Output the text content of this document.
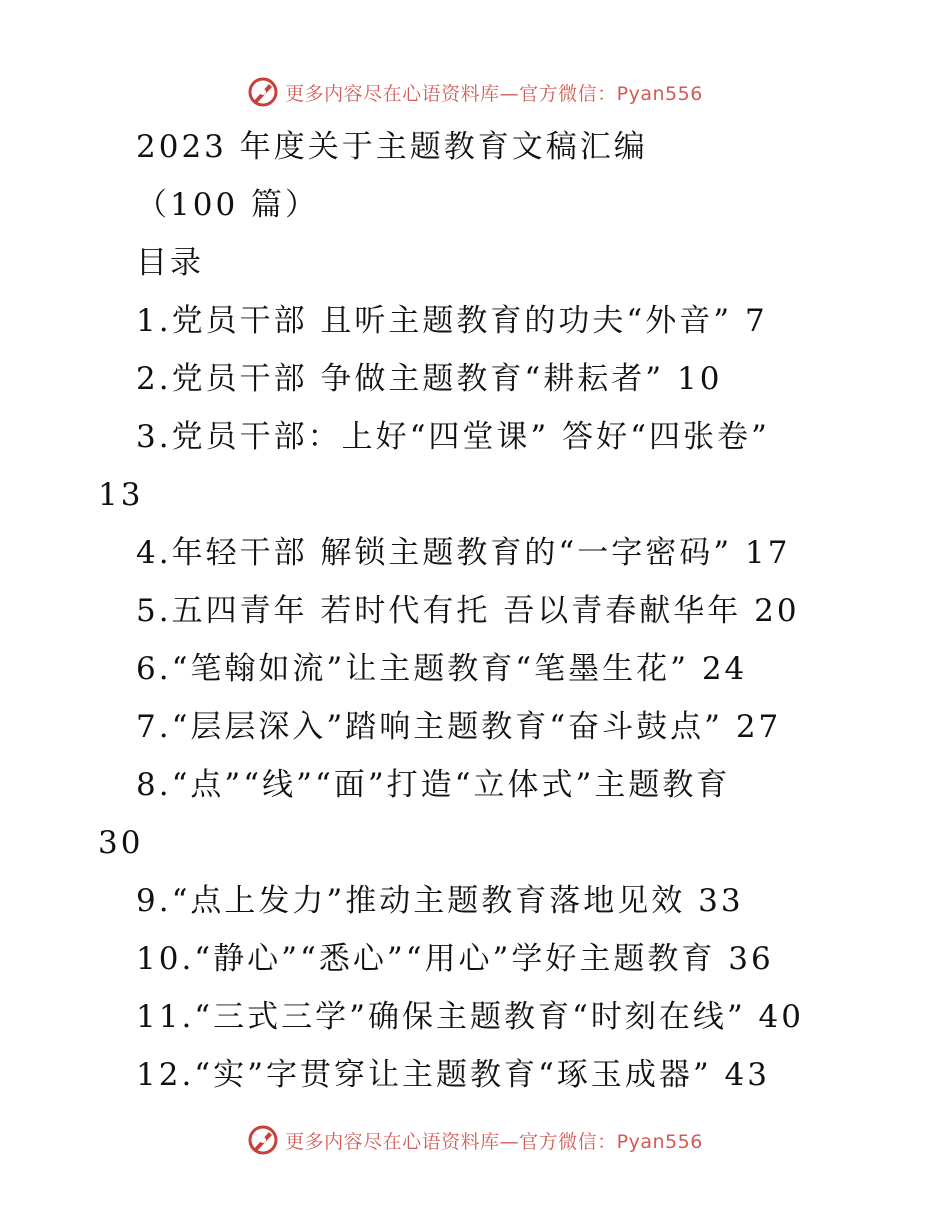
更多内容尽在心语资料库—官方微信：Pyan556
2023 年度关于主题教育文稿汇编
（100 篇）
目录
1.党员干部 且听主题教育的功夫“外音” 7
2.党员干部 争做主题教育“耕耘者” 10
3.党员干部：上好“四堂课” 答好“四张卷”
13
4.年轻干部 解锁主题教育的“一字密码” 17
5.五四青年 若时代有托 吾以青春献华年 20
6.“笔翰如流”让主题教育“笔墨生花” 24
7.“层层深入”踏响主题教育“奋斗鼓点” 27
8.“点”“线”“面”打造“立体式”主题教育
30
9.“点上发力”推动主题教育落地见效 33
10.“静心”“悉心”“用心”学好主题教育 36
11.“三式三学”确保主题教育“时刻在线” 40
12.“实”字贯穿让主题教育“琢玉成器” 43
更多内容尽在心语资料库—官方微信：Pyan556
